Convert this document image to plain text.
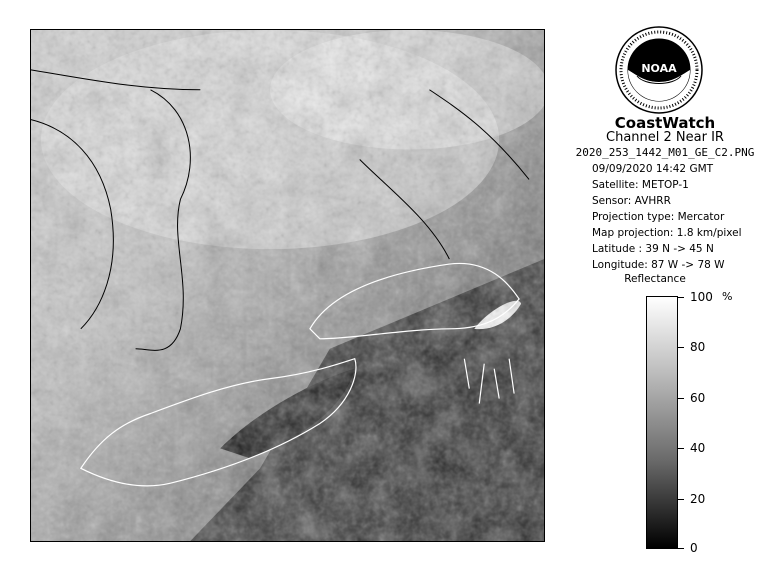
NOAA
CoastWatch
Channel 2 Near IR
2020_253_1442_M01_GE_C2.PNG
09/09/2020 14:42 GMT
Satellite: METOP-1
Sensor: AVHRR
Projection type: Mercator
Map projection: 1.8 km/pixel
Latitude : 39 N -> 45 N
Longitude: 87 W -> 78 W
Reflectance
%
100
80
60
40
20
0
